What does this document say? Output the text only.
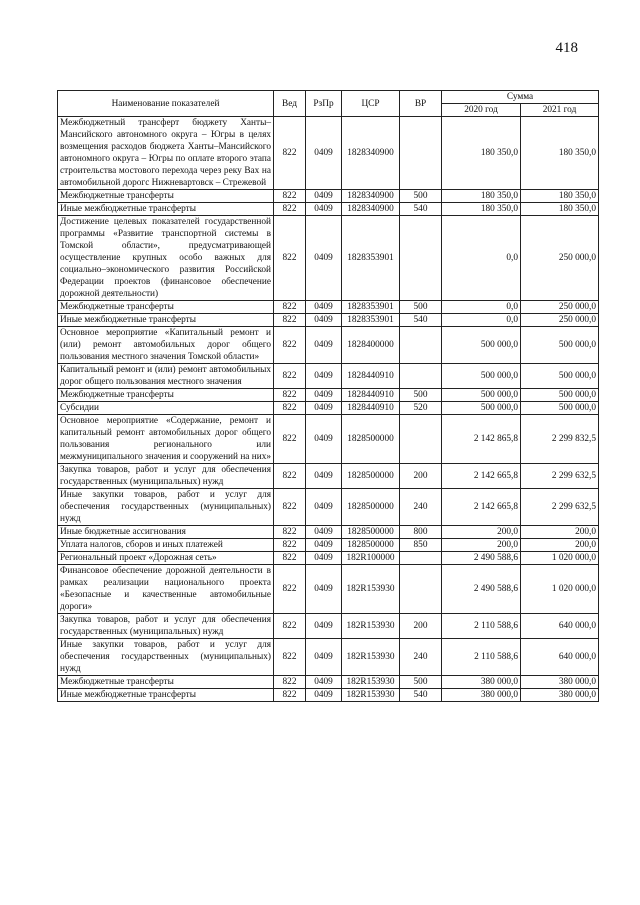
418
Наименование показателей	Вед	РзПр	ЦСР	ВР	Сумма	
					2020 год	2021 год
Межбюджетный трансферт бюджету Ханты–Мансийского автономного округа – Югры в целях возмещения расходов бюджета Ханты–Мансийского автономного округа – Югры по оплате второго этапа строительства мостового перехода через реку Вах на автомобильной дорогс Нижневартовск – Стрежевой	822	0409	1828340900		180 350,0	180 350,0
Межбюджетные трансферты	822	0409	1828340900	500	180 350,0	180 350,0
Иные межбюджетные трансферты	822	0409	1828340900	540	180 350,0	180 350,0
Достижение целевых показателей государственной программы «Развитие транспортной системы в Томской области», предусматривающей осуществление крупных особо важных для социально–экономического развития Российской Федерации проектов (финансовое обеспечение дорожной деятельности)	822	0409	1828353901		0,0	250 000,0
Межбюджетные трансферты	822	0409	1828353901	500	0,0	250 000,0
Иные межбюджетные трансферты	822	0409	1828353901	540	0,0	250 000,0
Основное мероприятие «Капитальный ремонт и (или) ремонт автомобильных дорог общего пользования местного значения Томской области»	822	0409	1828400000		500 000,0	500 000,0
Капитальный ремонт и (или) ремонт автомобильных дорог общего пользования местного значения	822	0409	1828440910		500 000,0	500 000,0
Межбюджетные трансферты	822	0409	1828440910	500	500 000,0	500 000,0
Субсидии	822	0409	1828440910	520	500 000,0	500 000,0
Основное мероприятие «Содержание, ремонт и капитальный ремонт автомобильных дорог общего пользования регионального или межмуниципального значения и сооружений на них»	822	0409	1828500000		2 142 865,8	2 299 832,5
Закупка товаров, работ и услуг для обеспечения государственных (муниципальных) нужд	822	0409	1828500000	200	2 142 665,8	2 299 632,5
Иные закупки товаров, работ и услуг для обеспечения государственных (муниципальных) нужд	822	0409	1828500000	240	2 142 665,8	2 299 632,5
Иные бюджетные ассигнования	822	0409	1828500000	800	200,0	200,0
Уплата налогов, сборов и иных платежей	822	0409	1828500000	850	200,0	200,0
Региональный проект «Дорожная сеть»	822	0409	182R100000		2 490 588,6	1 020 000,0
Финансовое обеспечение дорожной деятельности в рамках реализации национального проекта «Безопасные и качественные автомобильные дороги»	822	0409	182R153930		2 490 588,6	1 020 000,0
Закупка товаров, работ и услуг для обеспечения государственных (муниципальных) нужд	822	0409	182R153930	200	2 110 588,6	640 000,0
Иные закупки товаров, работ и услуг для обеспечения государственных (муниципальных) нужд	822	0409	182R153930	240	2 110 588,6	640 000,0
Межбюджетные трансферты	822	0409	182R153930	500	380 000,0	380 000,0
Иные межбюджетные трансферты	822	0409	182R153930	540	380 000,0	380 000,0
